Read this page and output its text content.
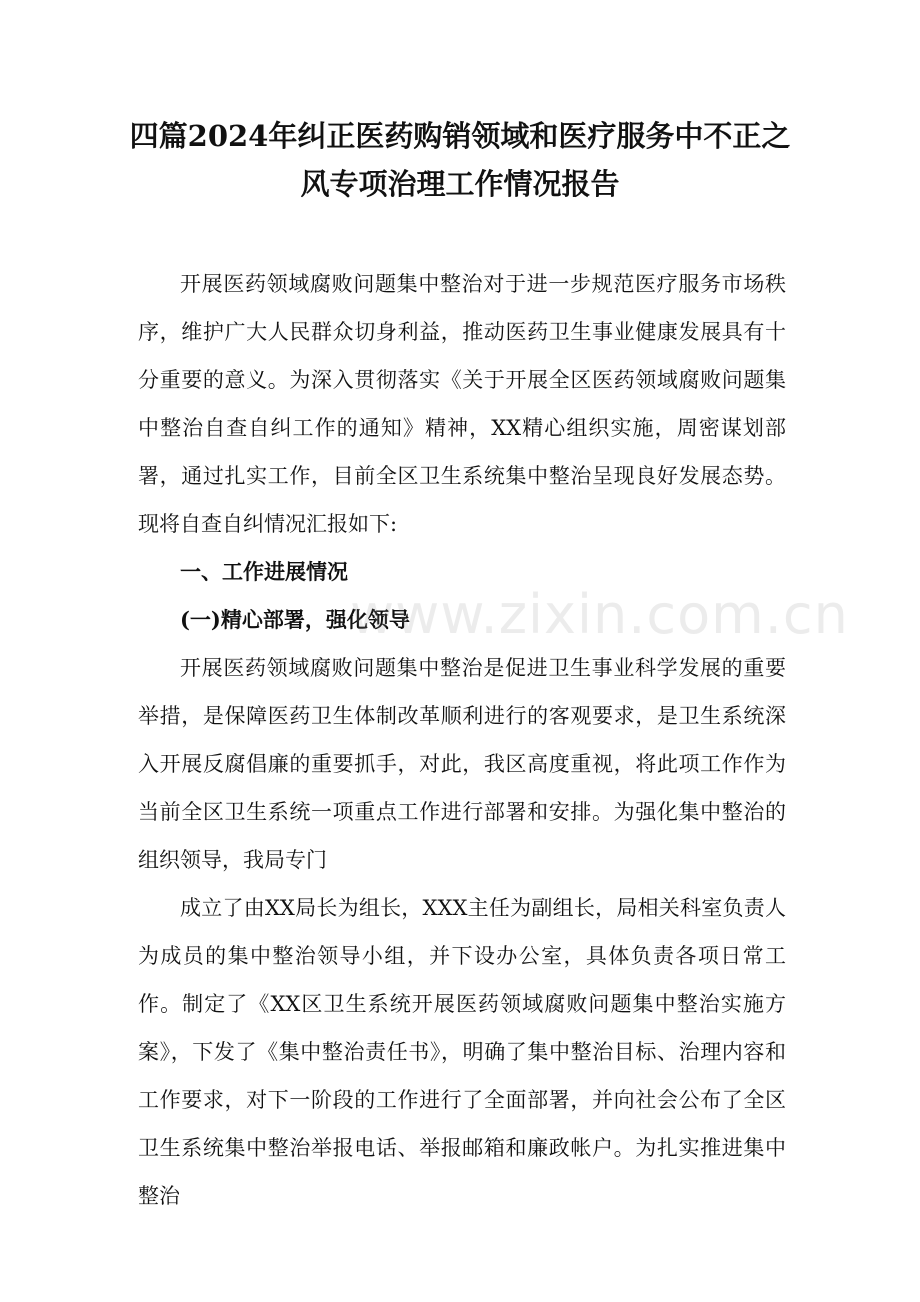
四篇2024年纠正医药购销领域和医疗服务中不正之
风专项治理工作情况报告

开展医药领域腐败问题集中整治对于进一步规范医疗服务市场秩序，维护广大人民群众切身利益，推动医药卫生事业健康发展具有十分重要的意义。为深入贯彻落实《关于开展全区医药领域腐败问题集中整治自查自纠工作的通知》精神，XX精心组织实施，周密谋划部署，通过扎实工作，目前全区卫生系统集中整治呈现良好发展态势。现将自查自纠情况汇报如下:

一、工作进展情况
(一)精心部署，强化领导

开展医药领域腐败问题集中整治是促进卫生事业科学发展的重要举措，是保障医药卫生体制改革顺利进行的客观要求，是卫生系统深入开展反腐倡廉的重要抓手，对此，我区高度重视，将此项工作作为当前全区卫生系统一项重点工作进行部署和安排。为强化集中整治的组织领导，我局专门

成立了由XX局长为组长，XXX主任为副组长，局相关科室负责人为成员的集中整治领导小组，并下设办公室，具体负责各项日常工作。制定了《XX区卫生系统开展医药领域腐败问题集中整治实施方案》，下发了《集中整治责任书》，明确了集中整治目标、治理内容和工作要求，对下一阶段的工作进行了全面部署，并向社会公布了全区卫生系统集中整治举报电话、举报邮箱和廉政帐户。为扎实推进集中整治

www.zixin.com.cn
